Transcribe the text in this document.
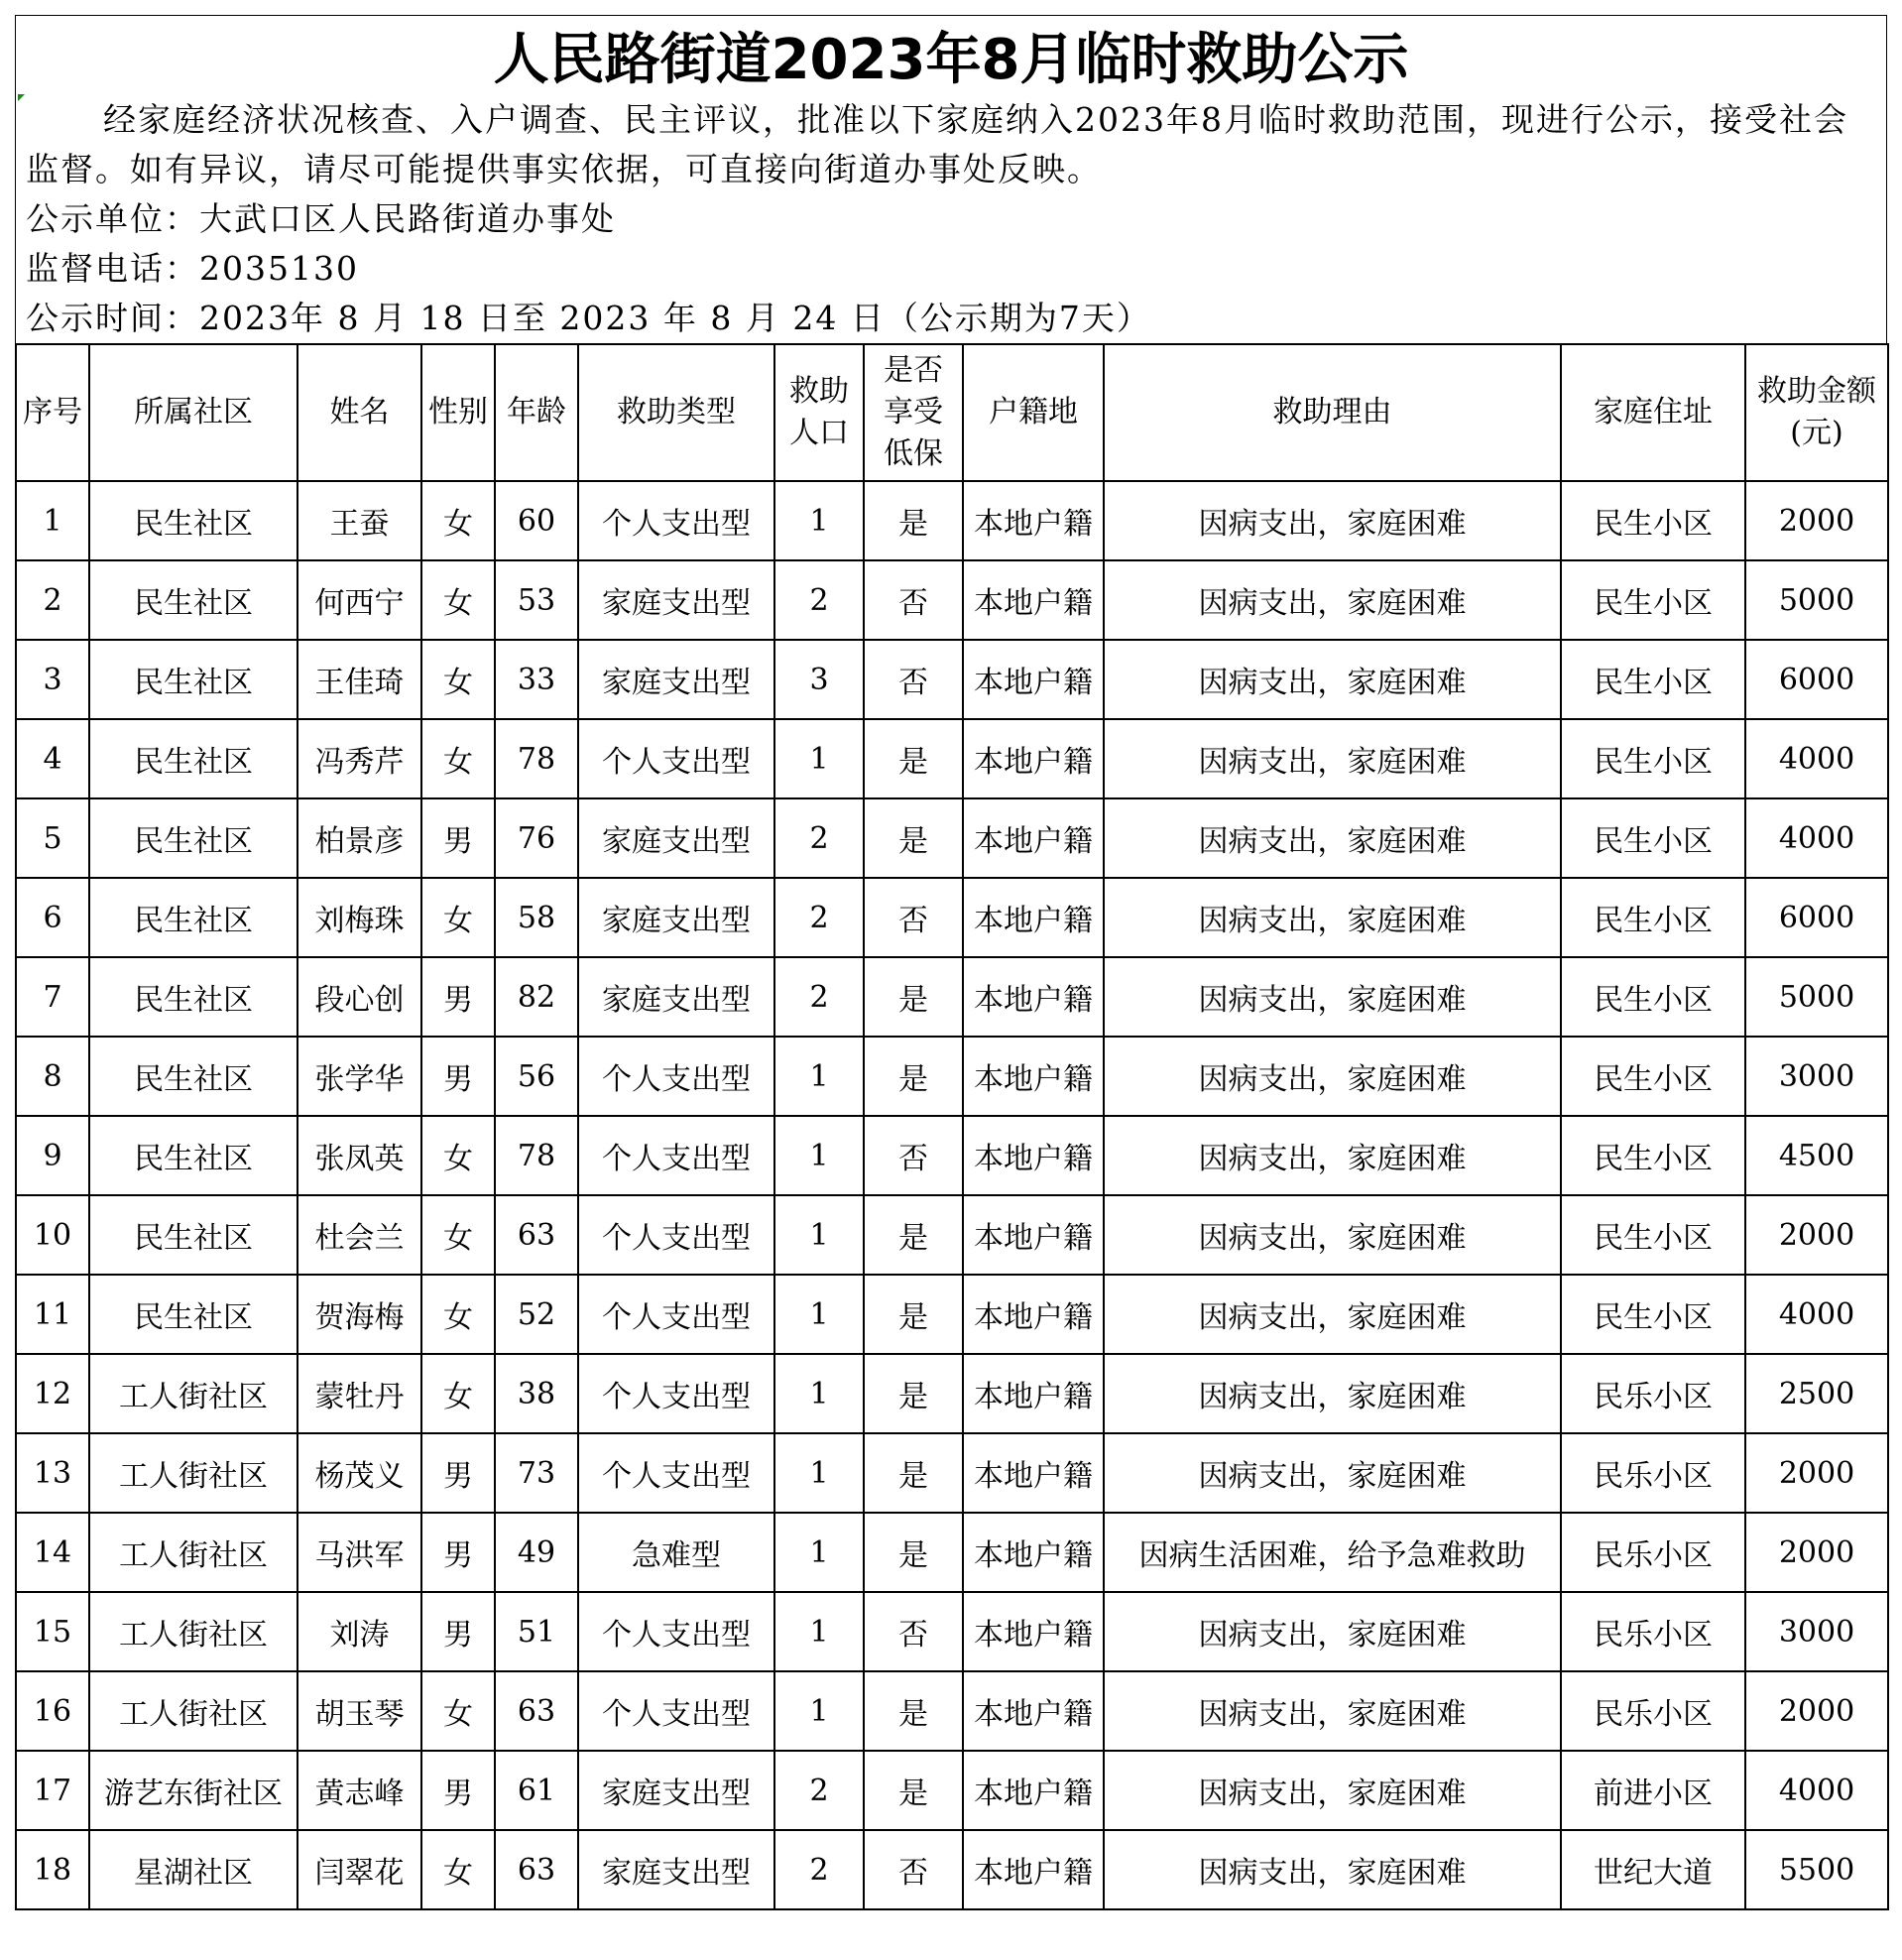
人民路街道2023年8月临时救助公示

经家庭经济状况核查、入户调查、民主评议，批准以下家庭纳入2023年8月临时救助范围，现进行公示，接受社会监督。如有异议，请尽可能提供事实依据，可直接向街道办事处反映。

公示单位：大武口区人民路街道办事处

监督电话：2035130

公示时间：2023年 8 月 18 日至 2023 年 8 月 24 日（公示期为7天）

序号	所属社区	姓名	性别	年龄	救助类型	救助人口	是否享受低保	户籍地	救助理由	家庭住址	救助金额(元)
1	民生社区	王蚕	女	60	个人支出型	1	是	本地户籍	因病支出，家庭困难	民生小区	2000
2	民生社区	何西宁	女	53	家庭支出型	2	否	本地户籍	因病支出，家庭困难	民生小区	5000
3	民生社区	王佳琦	女	33	家庭支出型	3	否	本地户籍	因病支出，家庭困难	民生小区	6000
4	民生社区	冯秀芹	女	78	个人支出型	1	是	本地户籍	因病支出，家庭困难	民生小区	4000
5	民生社区	柏景彦	男	76	家庭支出型	2	是	本地户籍	因病支出，家庭困难	民生小区	4000
6	民生社区	刘梅珠	女	58	家庭支出型	2	否	本地户籍	因病支出，家庭困难	民生小区	6000
7	民生社区	段心创	男	82	家庭支出型	2	是	本地户籍	因病支出，家庭困难	民生小区	5000
8	民生社区	张学华	男	56	个人支出型	1	是	本地户籍	因病支出，家庭困难	民生小区	3000
9	民生社区	张凤英	女	78	个人支出型	1	否	本地户籍	因病支出，家庭困难	民生小区	4500
10	民生社区	杜会兰	女	63	个人支出型	1	是	本地户籍	因病支出，家庭困难	民生小区	2000
11	民生社区	贺海梅	女	52	个人支出型	1	是	本地户籍	因病支出，家庭困难	民生小区	4000
12	工人街社区	蒙牡丹	女	38	个人支出型	1	是	本地户籍	因病支出，家庭困难	民乐小区	2500
13	工人街社区	杨茂义	男	73	个人支出型	1	是	本地户籍	因病支出，家庭困难	民乐小区	2000
14	工人街社区	马洪军	男	49	急难型	1	是	本地户籍	因病生活困难，给予急难救助	民乐小区	2000
15	工人街社区	刘涛	男	51	个人支出型	1	否	本地户籍	因病支出，家庭困难	民乐小区	3000
16	工人街社区	胡玉琴	女	63	个人支出型	1	是	本地户籍	因病支出，家庭困难	民乐小区	2000
17	游艺东街社区	黄志峰	男	61	家庭支出型	2	是	本地户籍	因病支出，家庭困难	前进小区	4000
18	星湖社区	闫翠花	女	63	家庭支出型	2	否	本地户籍	因病支出，家庭困难	世纪大道	5500
